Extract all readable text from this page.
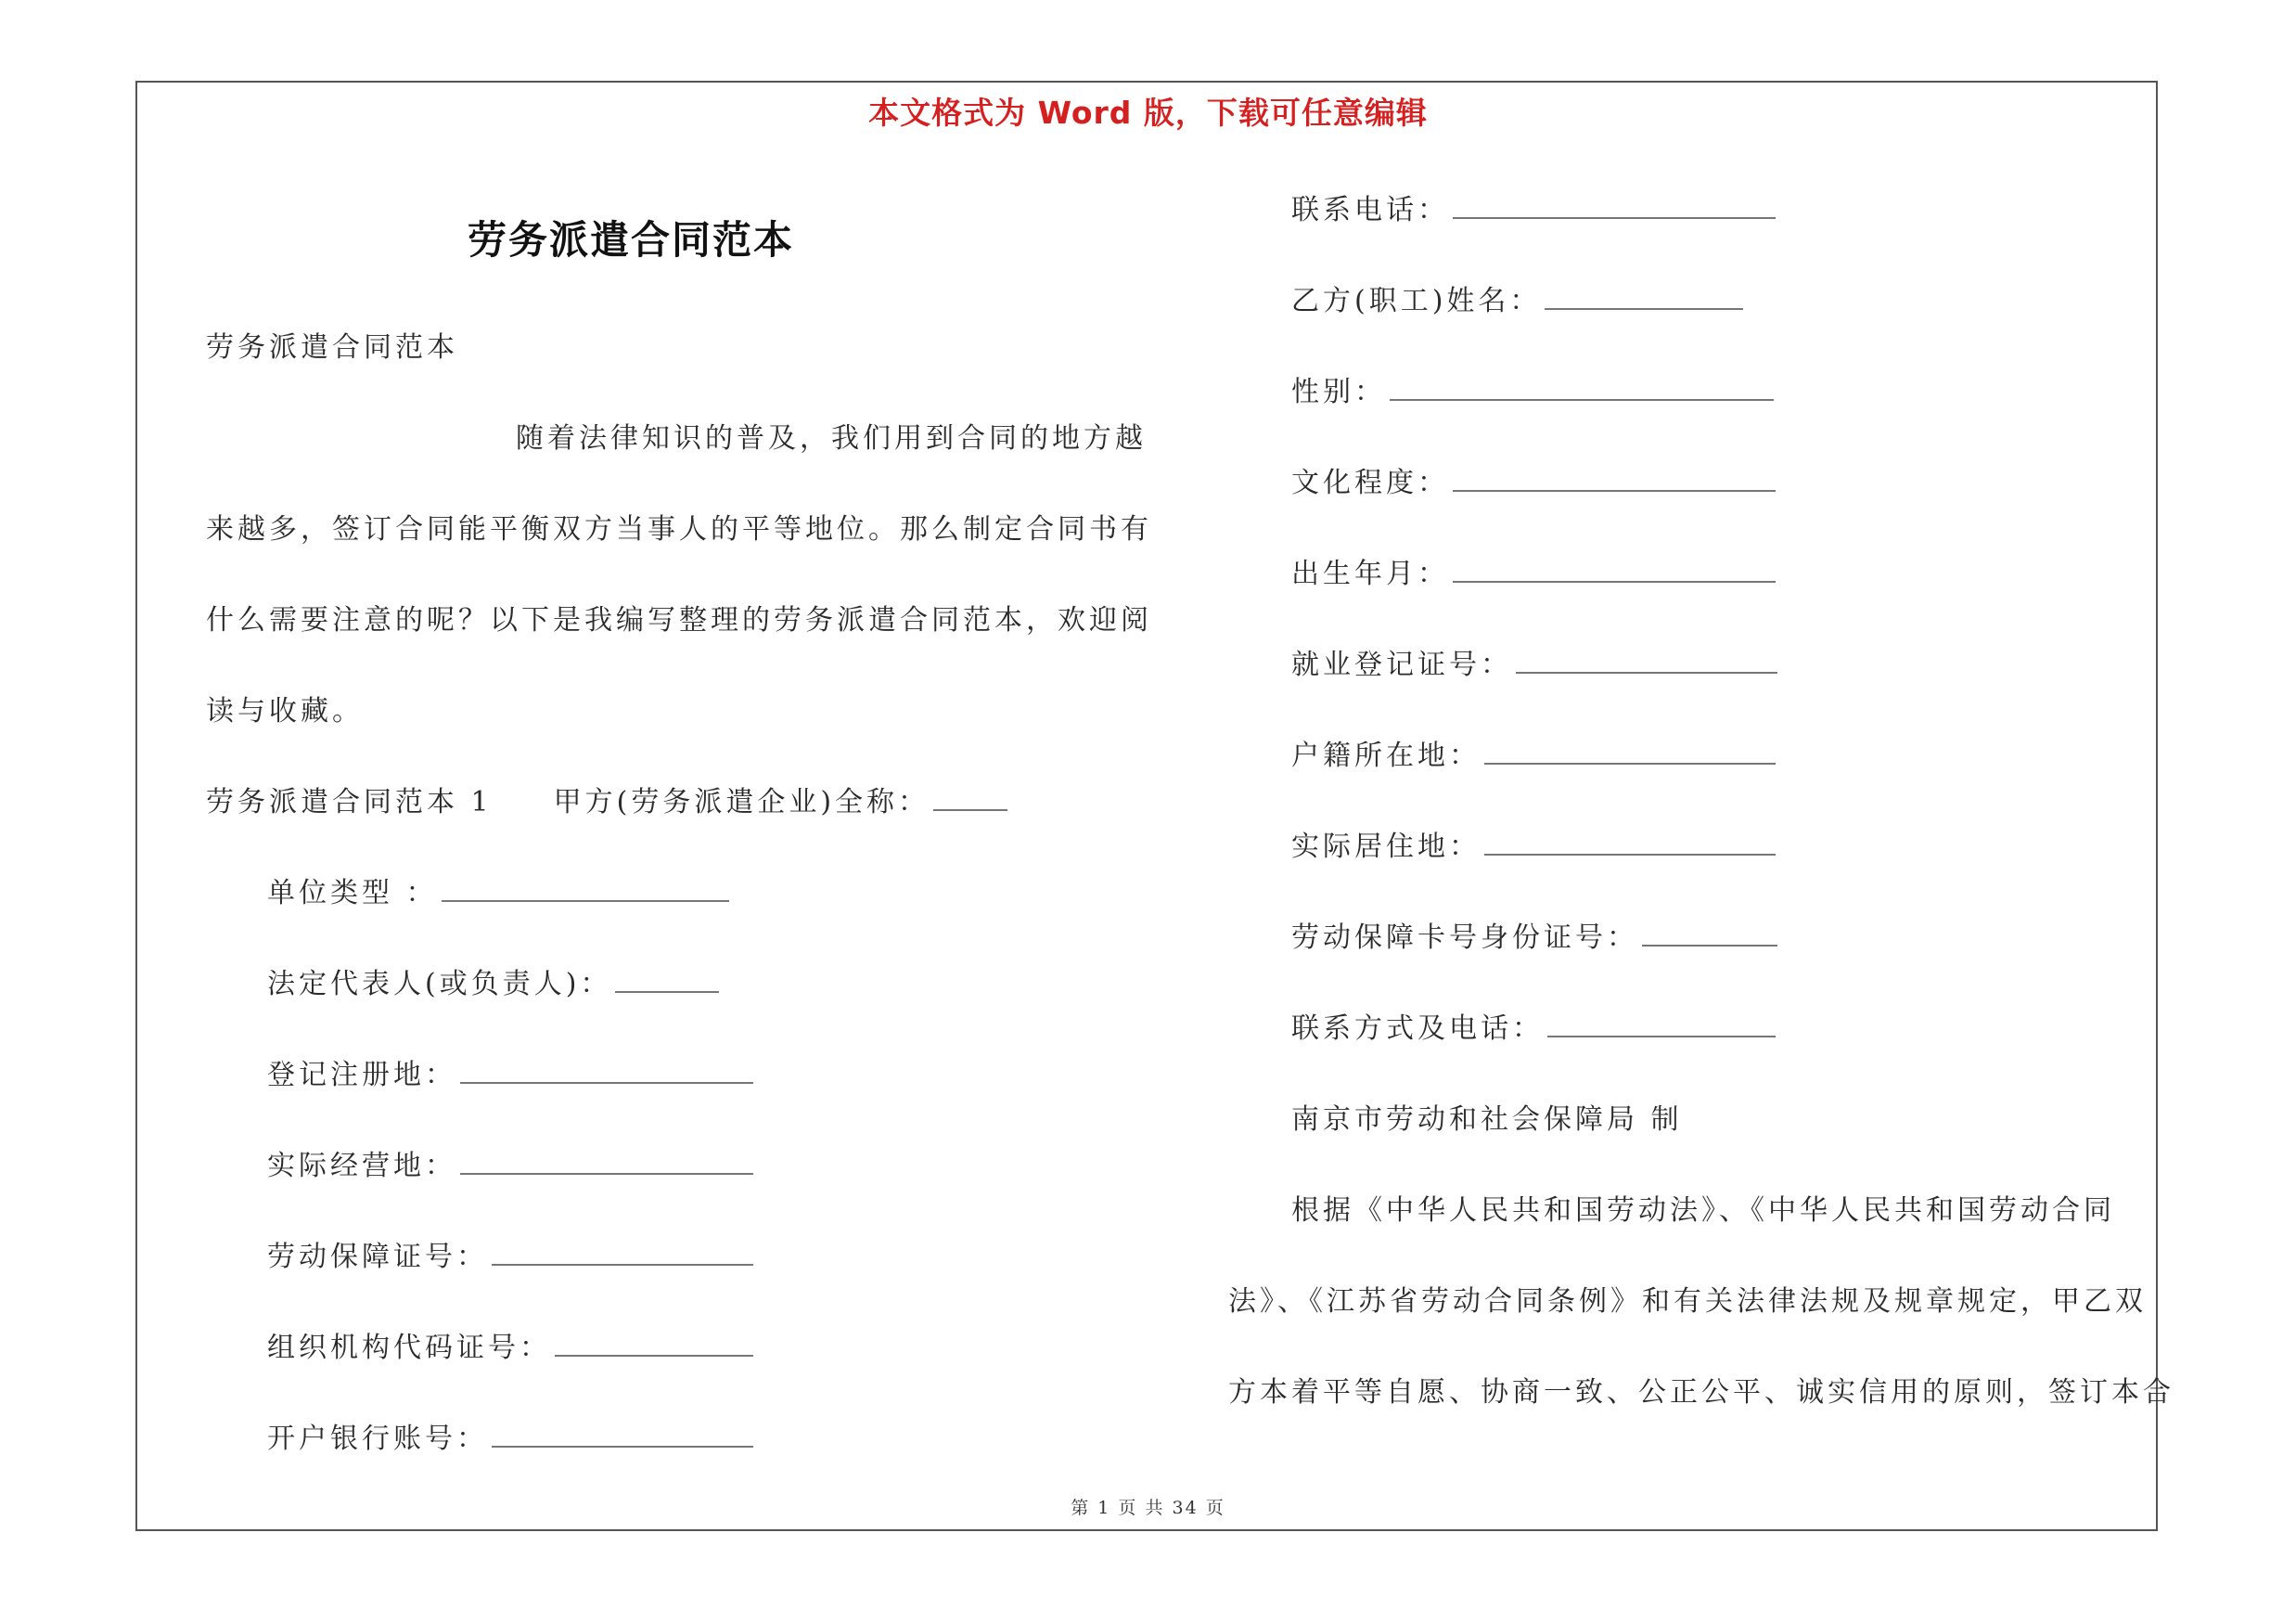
本文格式为 Word 版，下载可任意编辑
劳务派遣合同范本
劳务派遣合同范本
随着法律知识的普及，我们用到合同的地方越
来越多，签订合同能平衡双方当事人的平等地位。那么制定合同书有
什么需要注意的呢？以下是我编写整理的劳务派遣合同范本，欢迎阅
读与收藏。
劳务派遣合同范本 1 甲方(劳务派遣企业)全称：
单位类型 ：
法定代表人(或负责人)：
登记注册地：
实际经营地：
劳动保障证号：
组织机构代码证号：
开户银行账号：
联系电话：
乙方(职工)姓名：
性别：
文化程度：
出生年月：
就业登记证号：
户籍所在地：
实际居住地：
劳动保障卡号身份证号：
联系方式及电话：
南京市劳动和社会保障局 制
根据《中华人民共和国劳动法》、《中华人民共和国劳动合同
法》、《江苏省劳动合同条例》和有关法律法规及规章规定，甲乙双
方本着平等自愿、协商一致、公正公平、诚实信用的原则，签订本合
第 1 页 共 34 页
